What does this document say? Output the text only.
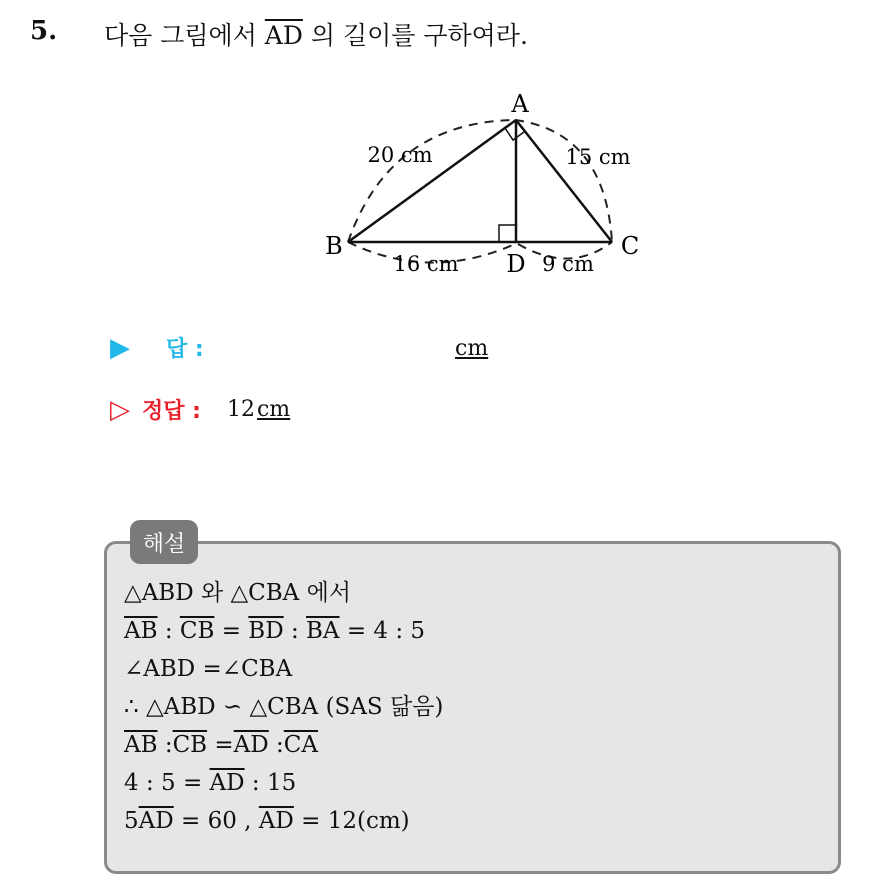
5. 다음 그림에서 $\overline{AD}$ 의 길이를 구하여라.
A
B	C
D
20 cm	15 cm
16 cm	9 cm
▶ 답 :	cm
▷ 정답 : 12cm
해설
△ABD 와 △CBA 에서
$\overline{AB}$ : $\overline{CB} = \overline{BD}$ : $\overline{BA} = 4$ : 5
∠ABD =∠CBA
∴ △ABD ∽ △CBA (SAS 닮음)
$\overline{AB}$ $:\overline{CB} =\overline{AD}$ $:\overline{CA}$
4 : $5 = \overline{AD}$ : 15
$5\overline{AD} = 60$ , $\overline{AD} = 12(cm)$
